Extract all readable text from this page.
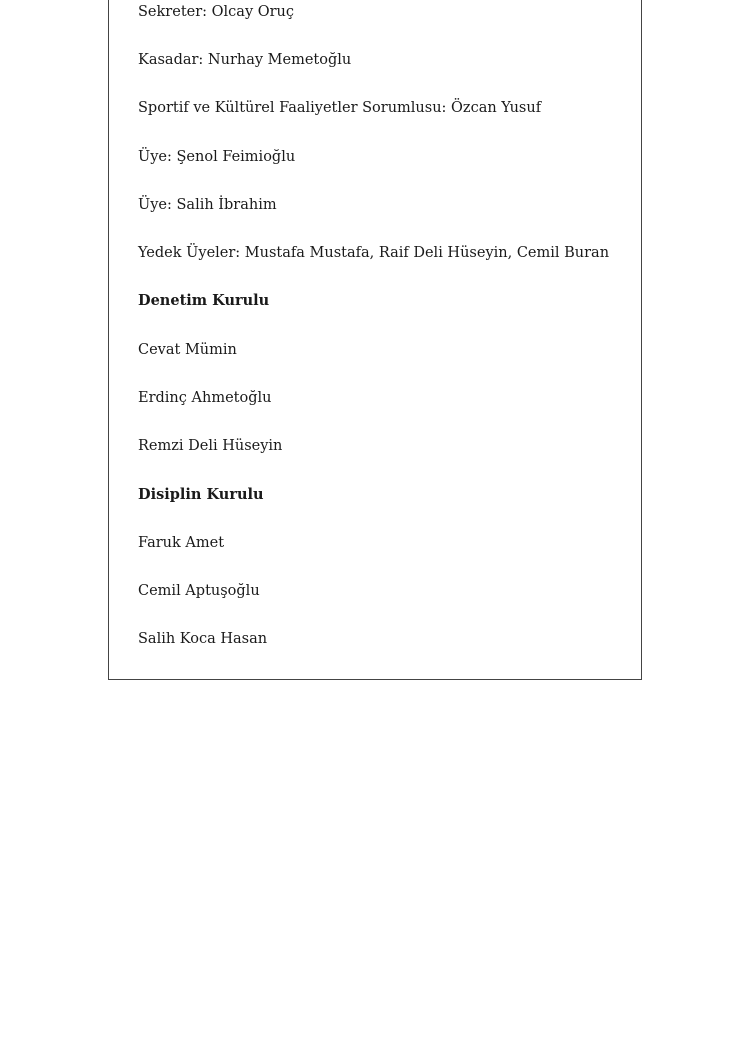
Sekreter: Olcay Oruç
Kasadar: Nurhay Memetoğlu
Sportif ve Kültürel Faaliyetler Sorumlusu: Özcan Yusuf
Üye: Şenol Feimioğlu
Üye: Salih İbrahim
Yedek Üyeler: Mustafa Mustafa, Raif Deli Hüseyin, Cemil Buran
Denetim Kurulu
Cevat Mümin
Erdinç Ahmetoğlu
Remzi Deli Hüseyin
Disiplin Kurulu
Faruk Amet
Cemil Aptuşoğlu
Salih Koca Hasan
